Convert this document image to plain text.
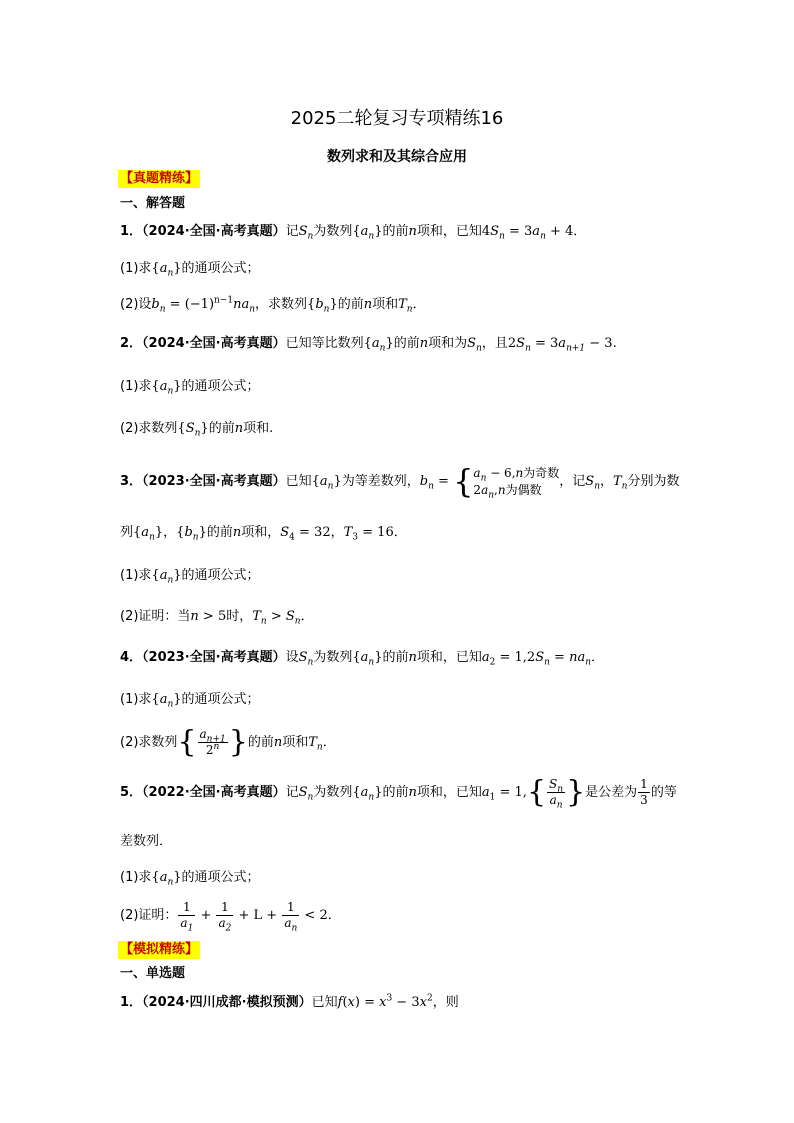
2025二轮复习专项精练16
数列求和及其综合应用
【真题精练】
一、解答题
1．（2024·全国·高考真题）记$S_n$为数列$\{a_n\}$的前n项和，已知$4S_n = 3a_n + 4$．
(1)求$\{a_n\}$的通项公式；
(2)设$b_n = (-1)^{n-1}na_n$，求数列$\{b_n\}$的前n项和$T_n$．
2．（2024·全国·高考真题）已知等比数列$\{a_n\}$的前n项和为$S_n$，且$2S_n = 3a_{n+1} - 3$.
(1)求$\{a_n\}$的通项公式；
(2)求数列$\{S_n\}$的前n项和.
3．（2023·全国·高考真题）已知$\{a_n\}$为等差数列，$b_n$ = { $a_n - 6,n$为奇数
$2a_n,n$为偶数
，记$S_n$，$T_n$分别为数
列$\{a_n\}$，$\{b_n\}$的前n项和，$S_4 = 32$，$T_3 = 16$．
(1)求$\{a_n\}$的通项公式；
(2)证明：当n > 5时，$T_n > S_n$．
4．（2023·全国·高考真题）设$S_n$为数列$\{a_n\}$的前n项和，已知$a_2 = 1,2S_n = na_n$．
(1)求$\{a_n\}$的通项公式；
(2)求数列{ $\frac{a_{n+1}}{2^n}$ }的前n项和$T_n$．
5．（2022·全国·高考真题）记$S_n$为数列$\{a_n\}$的前n项和，已知$a_1 = 1,\{ \frac{S_n}{a_n}$ }是公差为 $\frac{1}{3}$ 的等
差数列．
(1)求$\{a_n\}$的通项公式；
(2)证明： $\frac{1}{a_1} + \frac{1}{a_2} + L + \frac{1}{a_n} < 2$．
【模拟精练】
一、单选题
1．（2024·四川成都·模拟预测）已知$f(x) = x^3 - 3x^2$，则
